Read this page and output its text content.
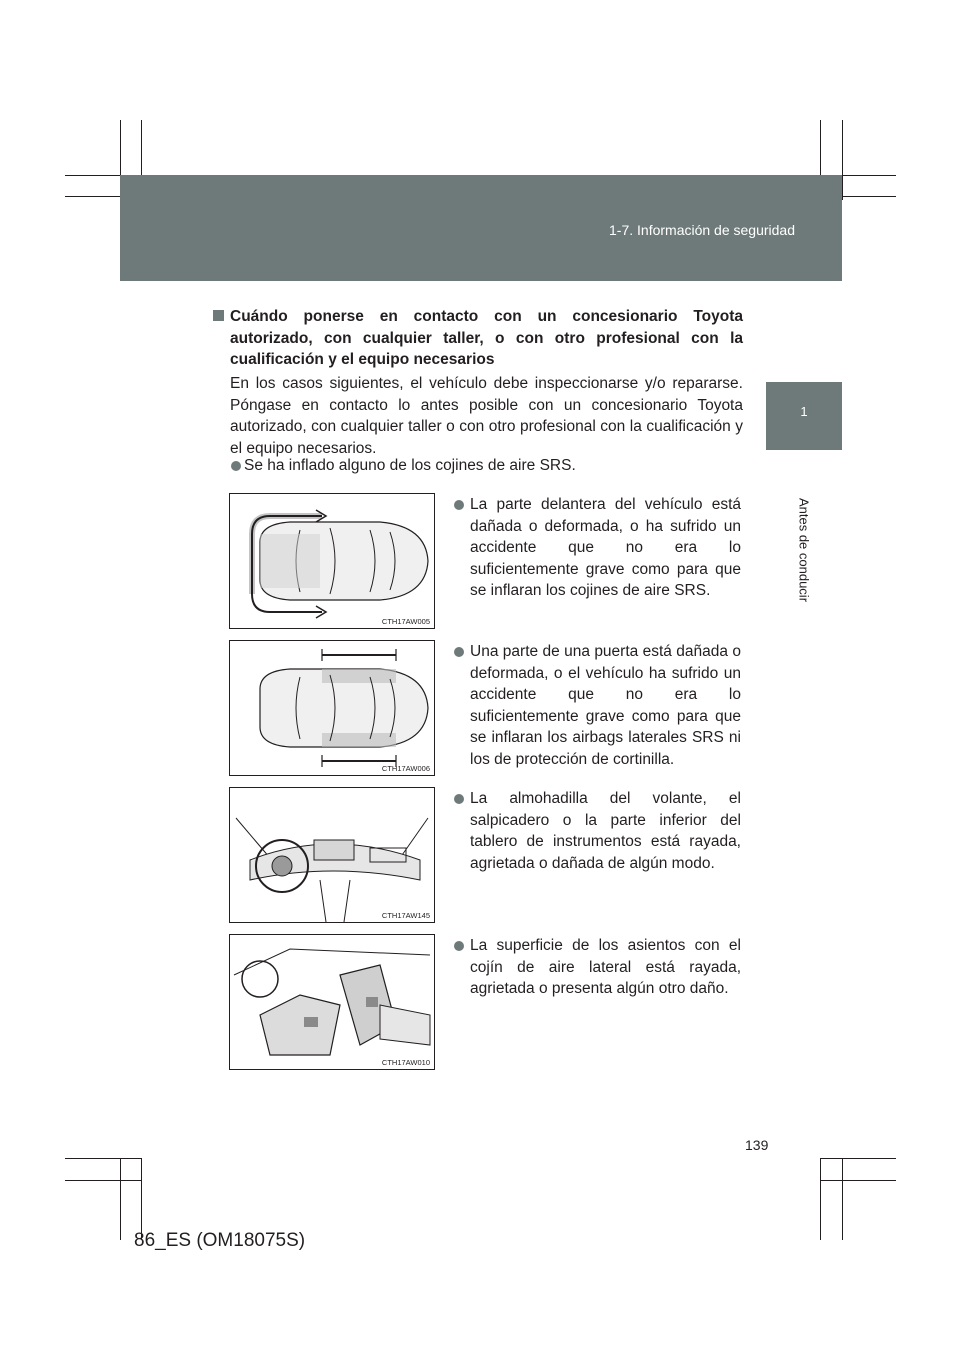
1-7. Información de seguridad
1
Antes de conducir
Cuándo ponerse en contacto con un concesionario Toyota autorizado, con cualquier taller, o con otro profesional con la cualificación y el equipo necesarios
En los casos siguientes, el vehículo debe inspeccionarse y/o repararse. Póngase en contacto lo antes posible con un concesionario Toyota autorizado, con cualquier taller o con otro profesional con la cualificación y el equipo necesarios.
Se ha inflado alguno de los cojines de aire SRS.
CTH17AW005
La parte delantera del vehículo está dañada o deformada, o ha sufrido un accidente que no era lo suficientemente grave como para que se inflaran los cojines de aire SRS.
CTH17AW006
Una parte de una puerta está dañada o deformada, o el vehículo ha sufrido un accidente que no era lo suficientemente grave como para que se inflaran los airbags laterales SRS ni los de protección de cortinilla.
CTH17AW145
La almohadilla del volante, el salpicadero o la parte inferior del tablero de instrumentos está rayada, agrietada o dañada de algún modo.
CTH17AW010
La superficie de los asientos con el cojín de aire lateral está rayada, agrietada o presenta algún otro daño.
139
86_ES (OM18075S)
